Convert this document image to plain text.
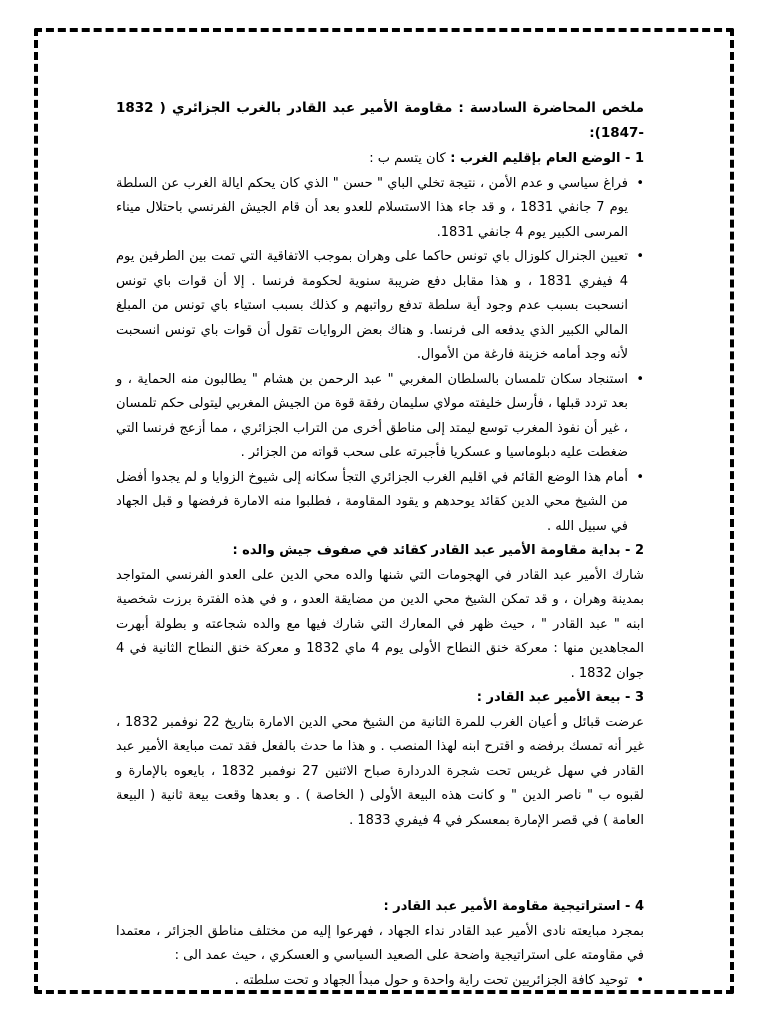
ملخص المحاضرة السادسة : مقاومة الأمير عبد القادر بالغرب الجزائري ( 1832 -1847):

1 - الوضع العام بإقليم الغرب : كان يتسم ب :

• فراغ سياسي و عدم الأمن ، نتيجة تخلي الباي " حسن " الذي كان يحكم ايالة الغرب عن السلطة يوم 7 جانفي 1831 ، و قد جاء هذا الاستسلام للعدو بعد أن قام الجيش الفرنسي باحتلال ميناء المرسى الكبير يوم 4 جانفي 1831.
• تعيين الجنرال كلوزال باي تونس حاكما على وهران بموجب الاتفاقية التي تمت بين الطرفين يوم 4 فيفري 1831 ، و هذا مقابل دفع ضريبة سنوية لحكومة فرنسا . إلا أن قوات باي تونس انسحبت بسبب عدم وجود أية سلطة تدفع رواتبهم و كذلك بسبب استياء باي تونس من المبلغ المالي الكبير الذي يدفعه الى فرنسا. و هناك بعض الروايات تقول أن قوات باي تونس انسحبت لأنه وجد أمامه خزينة فارغة من الأموال.
• استنجاد سكان تلمسان بالسلطان المغربي " عبد الرحمن بن هشام " يطالبون منه الحماية ، و بعد تردد قبلها ، فأرسل خليفته مولاي سليمان رفقة قوة من الجيش المغربي ليتولى حكم تلمسان ، غير أن نفوذ المغرب توسع ليمتد إلى مناطق أخرى من التراب الجزائري ، مما أزعج فرنسا التي ضغطت عليه دبلوماسيا و عسكريا فأجبرته على سحب قواته من الجزائر .
• أمام هذا الوضع القائم في اقليم الغرب الجزائري التجأ سكانه إلى شيوخ الزوايا و لم يجدوا أفضل من الشيخ محي الدين كقائد يوحدهم و يقود المقاومة ، فطلبوا منه الامارة فرفضها و قبل الجهاد في سبيل الله .

2 - بداية مقاومة الأمير عبد القادر كقائد في صفوف جيش والده :

شارك الأمير عبد القادر في الهجومات التي شنها والده محي الدين على العدو الفرنسي المتواجد بمدينة وهران ، و قد تمكن الشيخ محي الدين من مضايقة العدو ، و في هذه الفترة برزت شخصية ابنه " عبد القادر " ، حيث ظهر في المعارك التي شارك فيها مع والده شجاعته و بطولة أبهرت المجاهدين منها : معركة خنق النطاح الأولى يوم 4 ماي 1832 و معركة خنق النطاح الثانية في 4 جوان 1832 .

3 - بيعة الأمير عبد القادر :

عرضت قبائل و أعيان الغرب للمرة الثانية من الشيخ محي الدين الامارة بتاريخ 22 نوفمبر 1832 ، غير أنه تمسك برفضه و اقترح ابنه لهذا المنصب . و هذا ما حدث بالفعل فقد تمت مبايعة الأمير عبد القادر في سهل غريس تحت شجرة الدردارة صباح الاثنين 27 نوفمبر 1832 ، بايعوه بالإمارة و لقبوه ب " ناصر الدين " و كانت هذه البيعة الأولى ( الخاصة ) . و بعدها وقعت بيعة ثانية ( البيعة العامة ) في قصر الإمارة بمعسكر في 4 فيفري 1833 .

4 - استراتيجية مقاومة الأمير عبد القادر :

بمجرد مبايعته نادى الأمير عبد القادر نداء الجهاد ، فهرعوا إليه من مختلف مناطق الجزائر ، معتمدا في مقاومته على استراتيجية واضحة على الصعيد السياسي و العسكري ، حيث عمد الى :

• توحيد كافة الجزائريين تحت راية واحدة و حول مبدأ الجهاد و تحت سلطته .
